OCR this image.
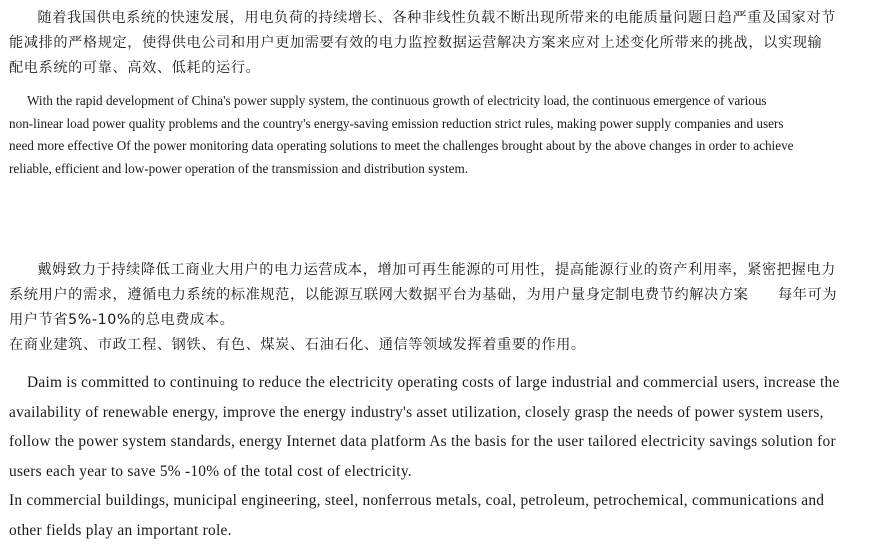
随着我国供电系统的快速发展，用电负荷的持续增长、各种非线性负载不断出现所带来的电能质量问题日趋严重及国家对节
能减排的严格规定，使得供电公司和用户更加需要有效的电力监控数据运营解决方案来应对上述变化所带来的挑战，以实现输
配电系统的可靠、高效、低耗的运行。

With the rapid development of China's power supply system, the continuous growth of electricity load, the continuous emergence of various
non-linear load power quality problems and the country's energy-saving emission reduction strict rules, making power supply companies and users
need more effective Of the power monitoring data operating solutions to meet the challenges brought about by the above changes in order to achieve
reliable, efficient and low-power operation of the transmission and distribution system.

戴姆致力于持续降低工商业大用户的电力运营成本，增加可再生能源的可用性，提高能源行业的资产利用率，紧密把握电力
系统用户的需求，遵循电力系统的标准规范，以能源互联网大数据平台为基础，为用户量身定制电费节约解决方案　　每年可为
用户节省5%-10%的总电费成本。
在商业建筑、市政工程、钢铁、有色、煤炭、石油石化、通信等领域发挥着重要的作用。

Daim is committed to continuing to reduce the electricity operating costs of large industrial and commercial users, increase the
availability of renewable energy, improve the energy industry's asset utilization, closely grasp the needs of power system users,
follow the power system standards, energy Internet data platform As the basis for the user tailored electricity savings solution for
users each year to save 5% -10% of the total cost of electricity.
In commercial buildings, municipal engineering, steel, nonferrous metals, coal, petroleum, petrochemical, communications and
other fields play an important role.
